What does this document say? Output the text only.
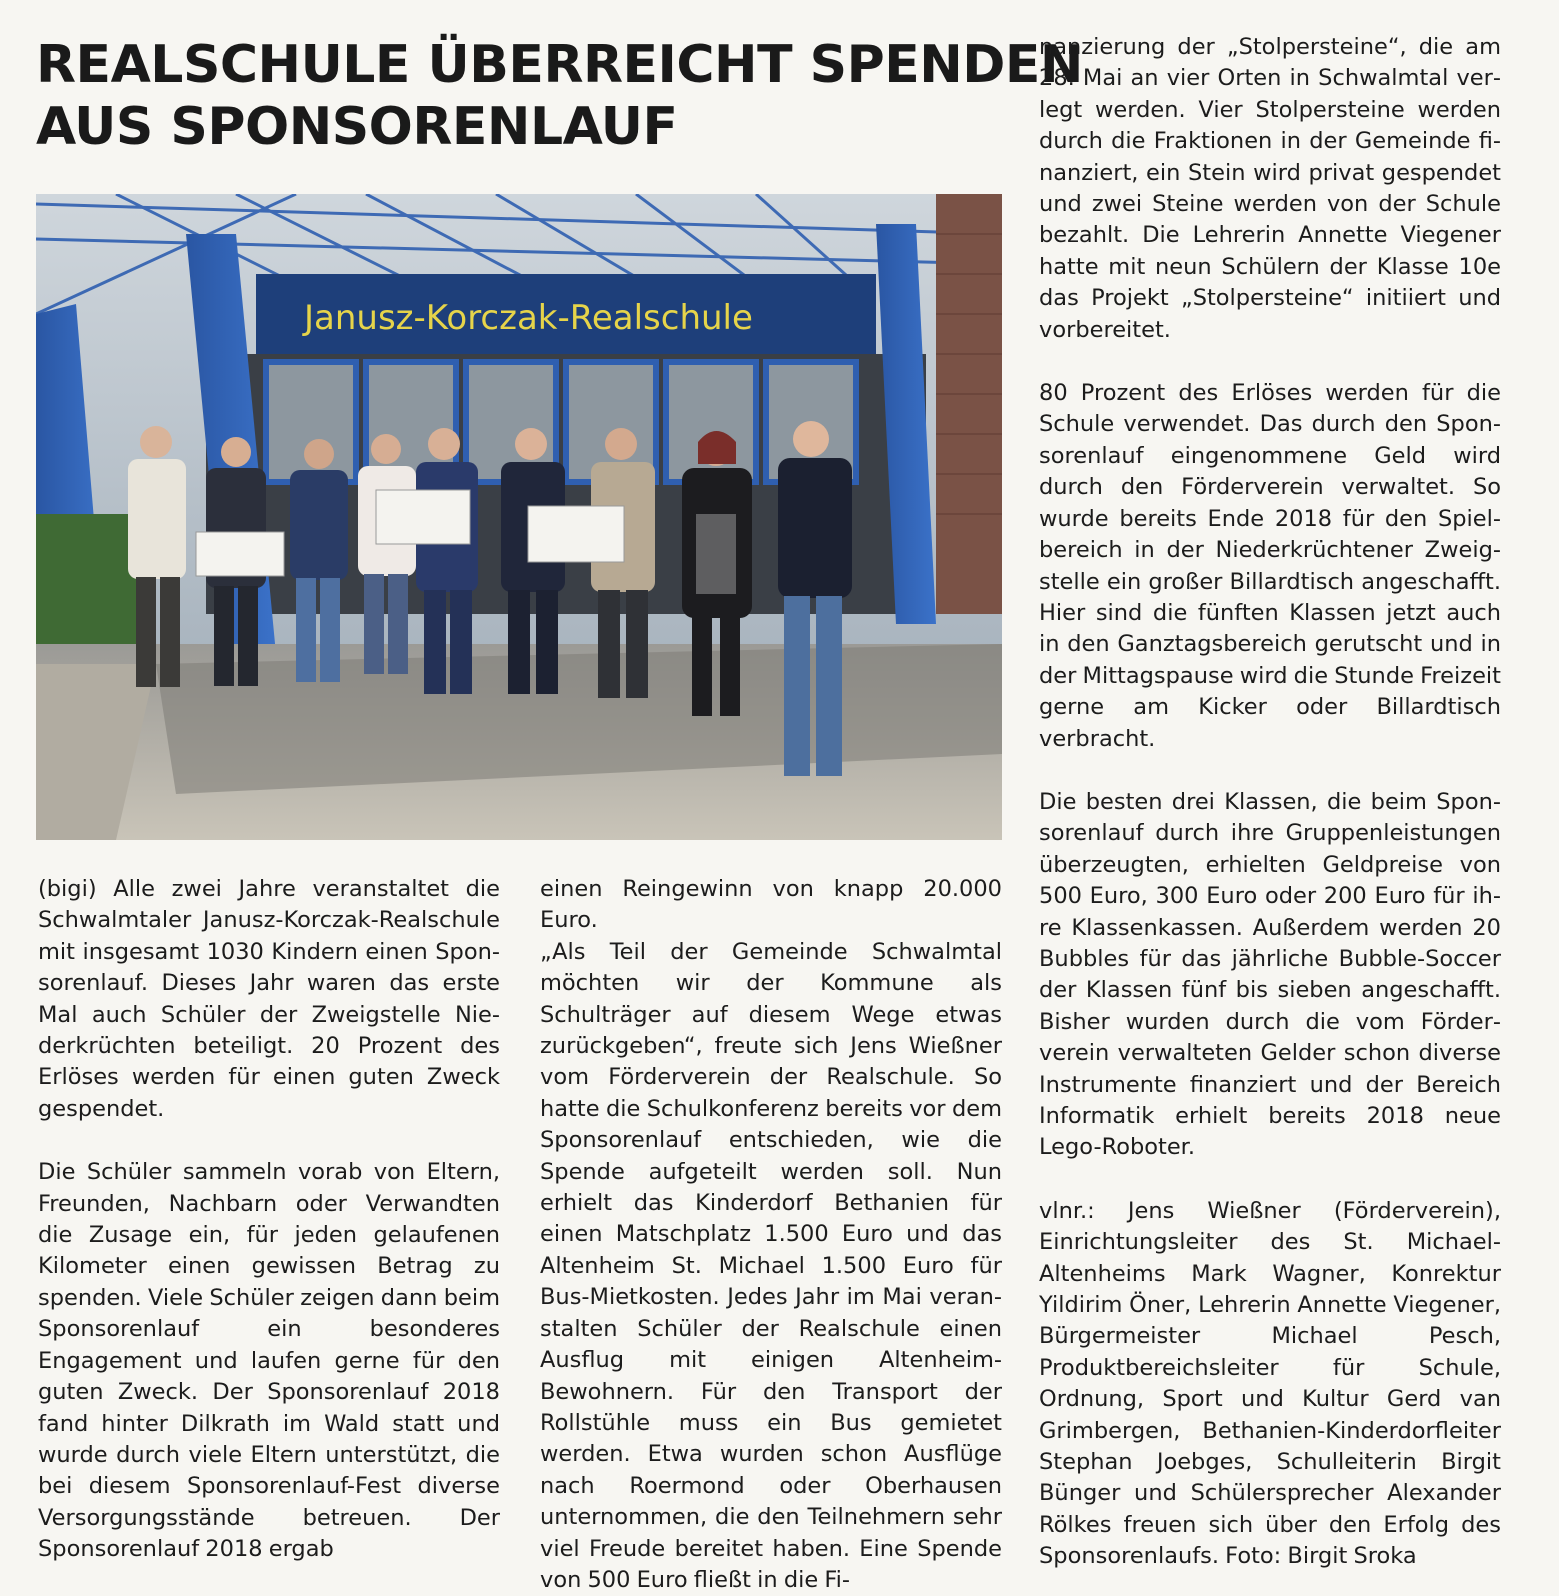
REALSCHULE ÜBERREICHT SPENDEN
AUS SPONSORENLAUF
Janusz-Korczak-Realschule

(bigi) Alle zwei Jahre veranstaltet die Schwalmtaler Janusz-Korczak-Realschule mit insgesamt 1030 Kindern einen Sponsorenlauf. Dieses Jahr waren das erste Mal auch Schüler der Zweigstelle Niederkrüchten beteiligt. 20 Prozent des Erlöses werden für einen guten Zweck gespendet.

Die Schüler sammeln vorab von Eltern, Freunden, Nachbarn oder Verwandten die Zusage ein, für jeden gelaufenen Kilometer einen gewissen Betrag zu spenden. Viele Schüler zeigen dann beim Sponsorenlauf ein besonderes Engagement und laufen gerne für den guten Zweck. Der Sponsorenlauf 2018 fand hinter Dilkrath im Wald statt und wurde durch viele Eltern unterstützt, die bei diesem Sponsorenlauf-Fest diverse Versorgungsstände betreuen. Der Sponsorenlauf 2018 ergab

einen Reingewinn von knapp 20.000 Euro.

„Als Teil der Gemeinde Schwalmtal möchten wir der Kommune als Schulträger auf diesem Wege etwas zurückgeben“, freute sich Jens Wießner vom Förderverein der Realschule. So hatte die Schulkonferenz bereits vor dem Sponsorenlauf entschieden, wie die Spende aufgeteilt werden soll. Nun erhielt das Kinderdorf Bethanien für einen Matschplatz 1.500 Euro und das Altenheim St. Michael 1.500 Euro für Bus-Mietkosten. Jedes Jahr im Mai veranstalten Schüler der Realschule einen Ausflug mit einigen Altenheim-Bewohnern. Für den Transport der Rollstühle muss ein Bus gemietet werden. Etwa wurden schon Ausflüge nach Roermond oder Oberhausen unternommen, die den Teilnehmern sehr viel Freude bereitet haben. Eine Spende von 500 Euro fließt in die Fi-

nanzierung der „Stolpersteine“, die am 28. Mai an vier Orten in Schwalmtal verlegt werden. Vier Stolpersteine werden durch die Fraktionen in der Gemeinde finanziert, ein Stein wird privat gespendet und zwei Steine werden von der Schule bezahlt. Die Lehrerin Annette Viegener hatte mit neun Schülern der Klasse 10e das Projekt „Stolpersteine“ initiiert und vorbereitet.

80 Prozent des Erlöses werden für die Schule verwendet. Das durch den Sponsorenlauf eingenommene Geld wird durch den Förderverein verwaltet. So wurde bereits Ende 2018 für den Spielbereich in der Niederkrüchtener Zweigstelle ein großer Billardtisch angeschafft. Hier sind die fünften Klassen jetzt auch in den Ganztagsbereich gerutscht und in der Mittagspause wird die Stunde Freizeit gerne am Kicker oder Billardtisch verbracht.

Die besten drei Klassen, die beim Sponsorenlauf durch ihre Gruppenleistungen überzeugten, erhielten Geldpreise von 500 Euro, 300 Euro oder 200 Euro für ihre Klassenkassen. Außerdem werden 20 Bubbles für das jährliche Bubble-Soccer der Klassen fünf bis sieben angeschafft. Bisher wurden durch die vom Förderverein verwalteten Gelder schon diverse Instrumente finanziert und der Bereich Informatik erhielt bereits 2018 neue Lego-Roboter.

vlnr.: Jens Wießner (Förderverein), Einrichtungsleiter des St. Michael-Altenheims Mark Wagner, Konrektur Yildirim Öner, Lehrerin Annette Viegener, Bürgermeister Michael Pesch, Produktbereichsleiter für Schule, Ordnung, Sport und Kultur Gerd van Grimbergen, Bethanien-Kinderdorfleiter Stephan Joebges, Schulleiterin Birgit Bünger und Schülersprecher Alexander Rölkes freuen sich über den Erfolg des Sponsorenlaufs. Foto: Birgit Sroka
